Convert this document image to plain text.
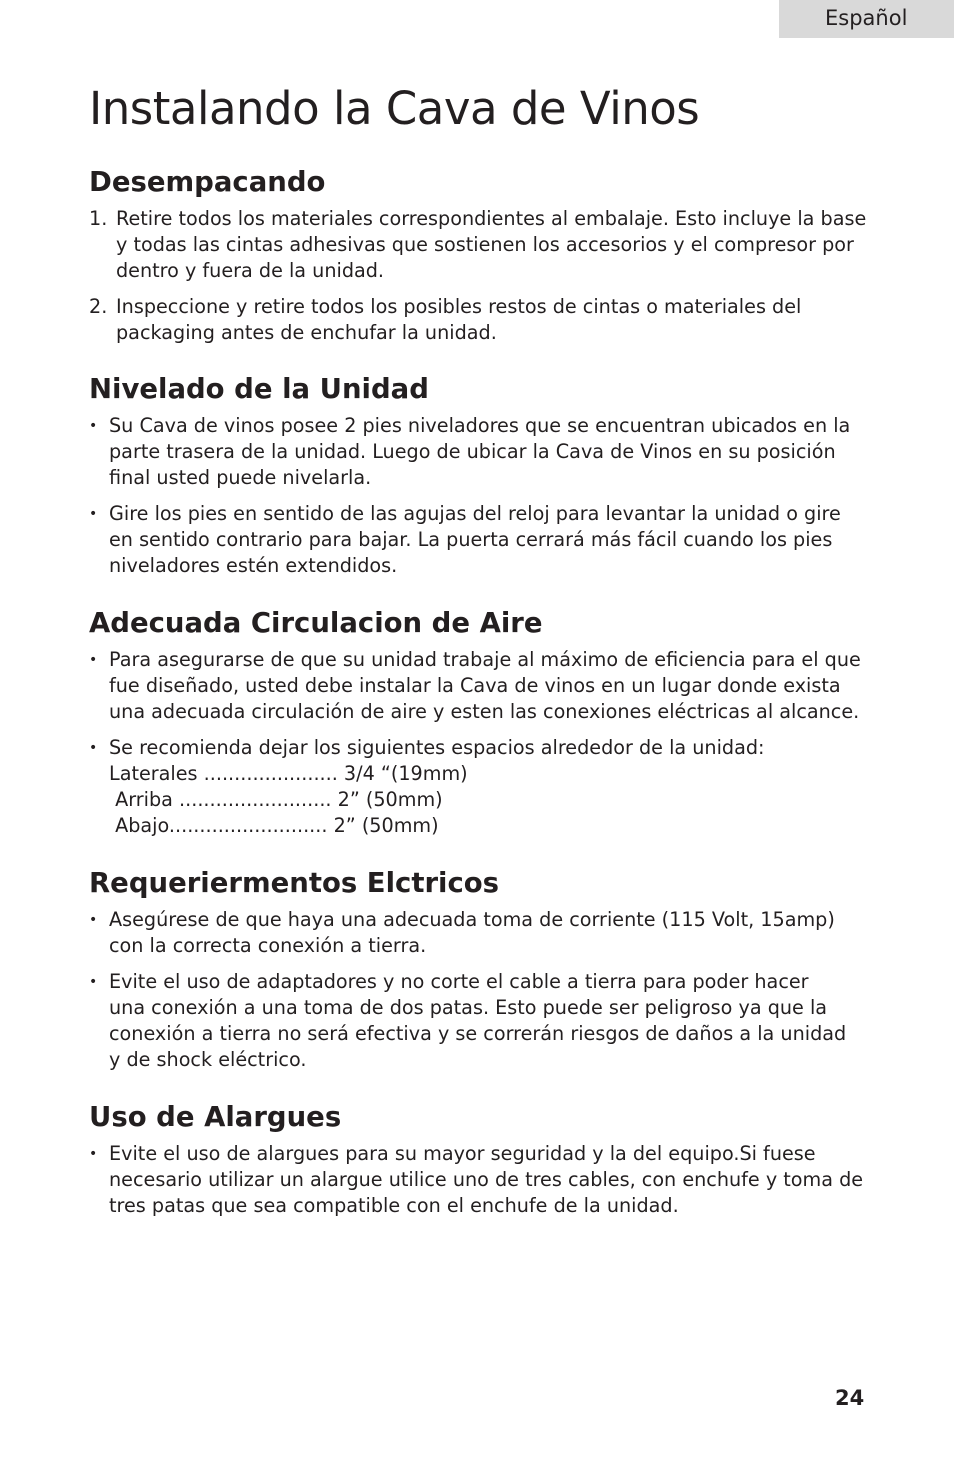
Español
Instalando la Cava de Vinos
Desempacando
1. Retire todos los materiales correspondientes al embalaje. Esto incluye la base
y todas las cintas adhesivas que sostienen los accesorios y el compresor por
dentro y fuera de la unidad.
2. Inspeccione y retire todos los posibles restos de cintas o materiales del
packaging antes de enchufar la unidad.
Nivelado de la Unidad
• Su Cava de vinos posee 2 pies niveladores que se encuentran ubicados en la
parte trasera de la unidad. Luego de ubicar la Cava de Vinos en su posición
final usted puede nivelarla.
• Gire los pies en sentido de las agujas del reloj para levantar la unidad o gire
en sentido contrario para bajar. La puerta cerrará más fácil cuando los pies
niveladores estén extendidos.
Adecuada Circulacion de Aire
• Para asegurarse de que su unidad trabaje al máximo de eficiencia para el que
fue diseñado, usted debe instalar la Cava de vinos en un lugar donde exista
una adecuada circulación de aire y esten las conexiones eléctricas al alcance.
• Se recomienda dejar los siguientes espacios alrededor de la unidad:
Laterales ...................... 3/4 “(19mm)
Arriba ......................... 2” (50mm)
Abajo.......................... 2” (50mm)
Requeriermentos Elctricos
• Asegúrese de que haya una adecuada toma de corriente (115 Volt, 15amp)
con la correcta conexión a tierra.
• Evite el uso de adaptadores y no corte el cable a tierra para poder hacer
una conexión a una toma de dos patas. Esto puede ser peligroso ya que la
conexión a tierra no será efectiva y se correrán riesgos de daños a la unidad
y de shock eléctrico.
Uso de Alargues
• Evite el uso de alargues para su mayor seguridad y la del equipo.Si fuese
necesario utilizar un alargue utilice uno de tres cables, con enchufe y toma de
tres patas que sea compatible con el enchufe de la unidad.
24
